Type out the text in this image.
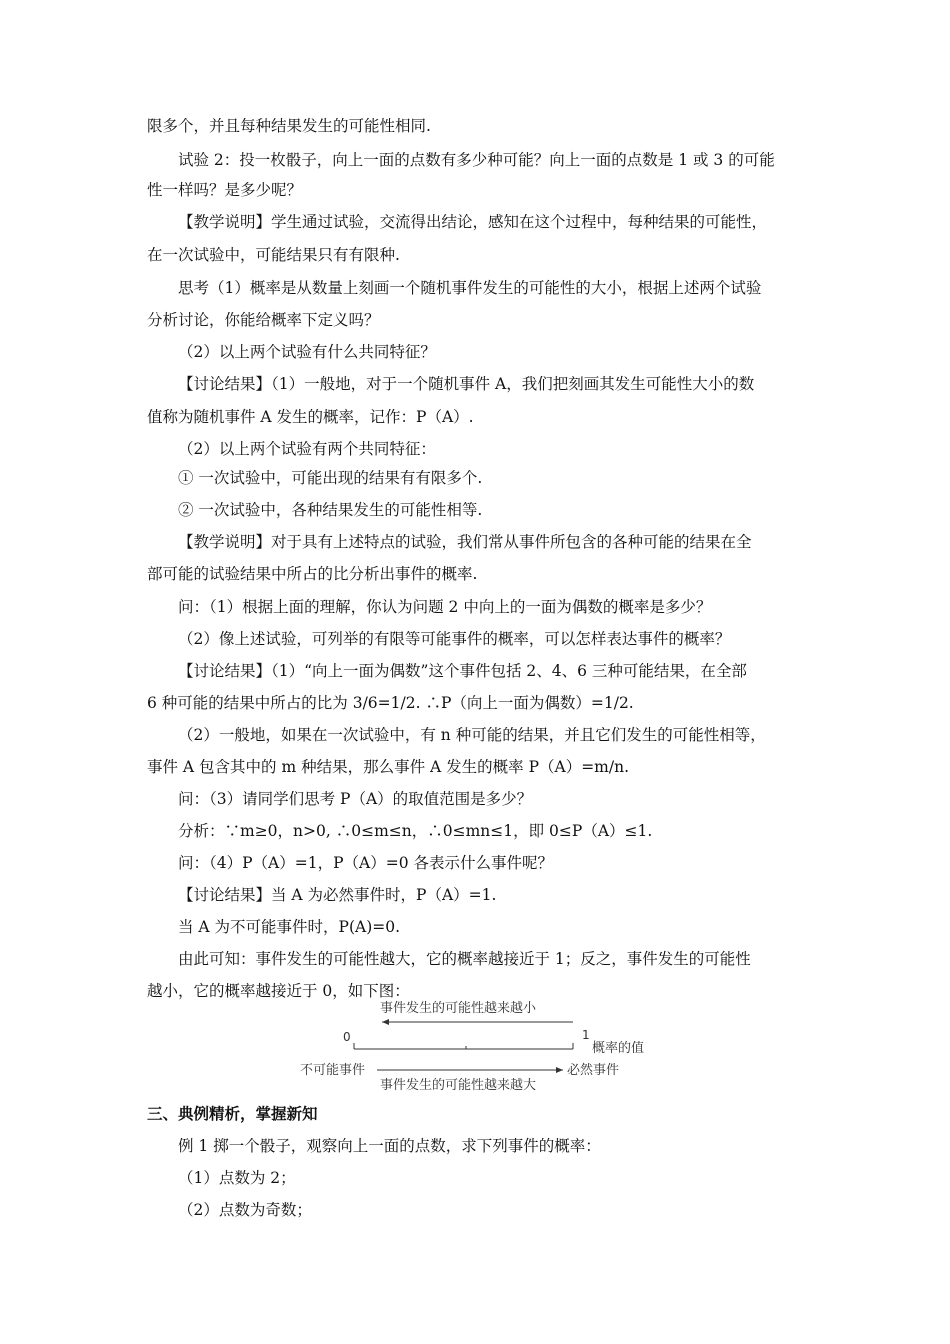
限多个，并且每种结果发生的可能性相同.
试验 2：投一枚骰子，向上一面的点数有多少种可能？向上一面的点数是 1 或 3 的可能
性一样吗？是多少呢？
【教学说明】学生通过试验，交流得出结论，感知在这个过程中，每种结果的可能性，
在一次试验中，可能结果只有有限种.
思考（1）概率是从数量上刻画一个随机事件发生的可能性的大小，根据上述两个试验
分析讨论，你能给概率下定义吗？
（2）以上两个试验有什么共同特征？
【讨论结果】（1）一般地，对于一个随机事件 A，我们把刻画其发生可能性大小的数
值称为随机事件 A 发生的概率，记作：P（A）.
（2）以上两个试验有两个共同特征：
① 一次试验中，可能出现的结果有有限多个.
② 一次试验中，各种结果发生的可能性相等.
【教学说明】对于具有上述特点的试验，我们常从事件所包含的各种可能的结果在全
部可能的试验结果中所占的比分析出事件的概率.
问：（1）根据上面的理解，你认为问题 2 中向上的一面为偶数的概率是多少？
（2）像上述试验，可列举的有限等可能事件的概率，可以怎样表达事件的概率？
【讨论结果】（1）“向上一面为偶数”这个事件包括 2、4、6 三种可能结果，在全部
6 种可能的结果中所占的比为 3/6=1/2. ∴P（向上一面为偶数）=1/2.
（2）一般地，如果在一次试验中，有 n 种可能的结果，并且它们发生的可能性相等，
事件 A 包含其中的 m 种结果，那么事件 A 发生的概率 P（A）=m/n.
问：（3）请同学们思考 P（A）的取值范围是多少？
分析：∵m≥0，n>0, ∴0≤m≤n，∴0≤mn≤1，即 0≤P（A）≤1.
问：（4）P（A）=1，P（A）=0 各表示什么事件呢？
【讨论结果】当 A 为必然事件时，P（A）=1.
当 A 为不可能事件时，P(A)=0.
由此可知：事件发生的可能性越大，它的概率越接近于 1；反之，事件发生的可能性
越小，它的概率越接近于 0，如下图：
事件发生的可能性越来越小
0	1
概率的值
不可能事件	必然事件
事件发生的可能性越来越大
三、典例精析，掌握新知
例 1 掷一个骰子，观察向上一面的点数，求下列事件的概率：
（1）点数为 2；
（2）点数为奇数；
